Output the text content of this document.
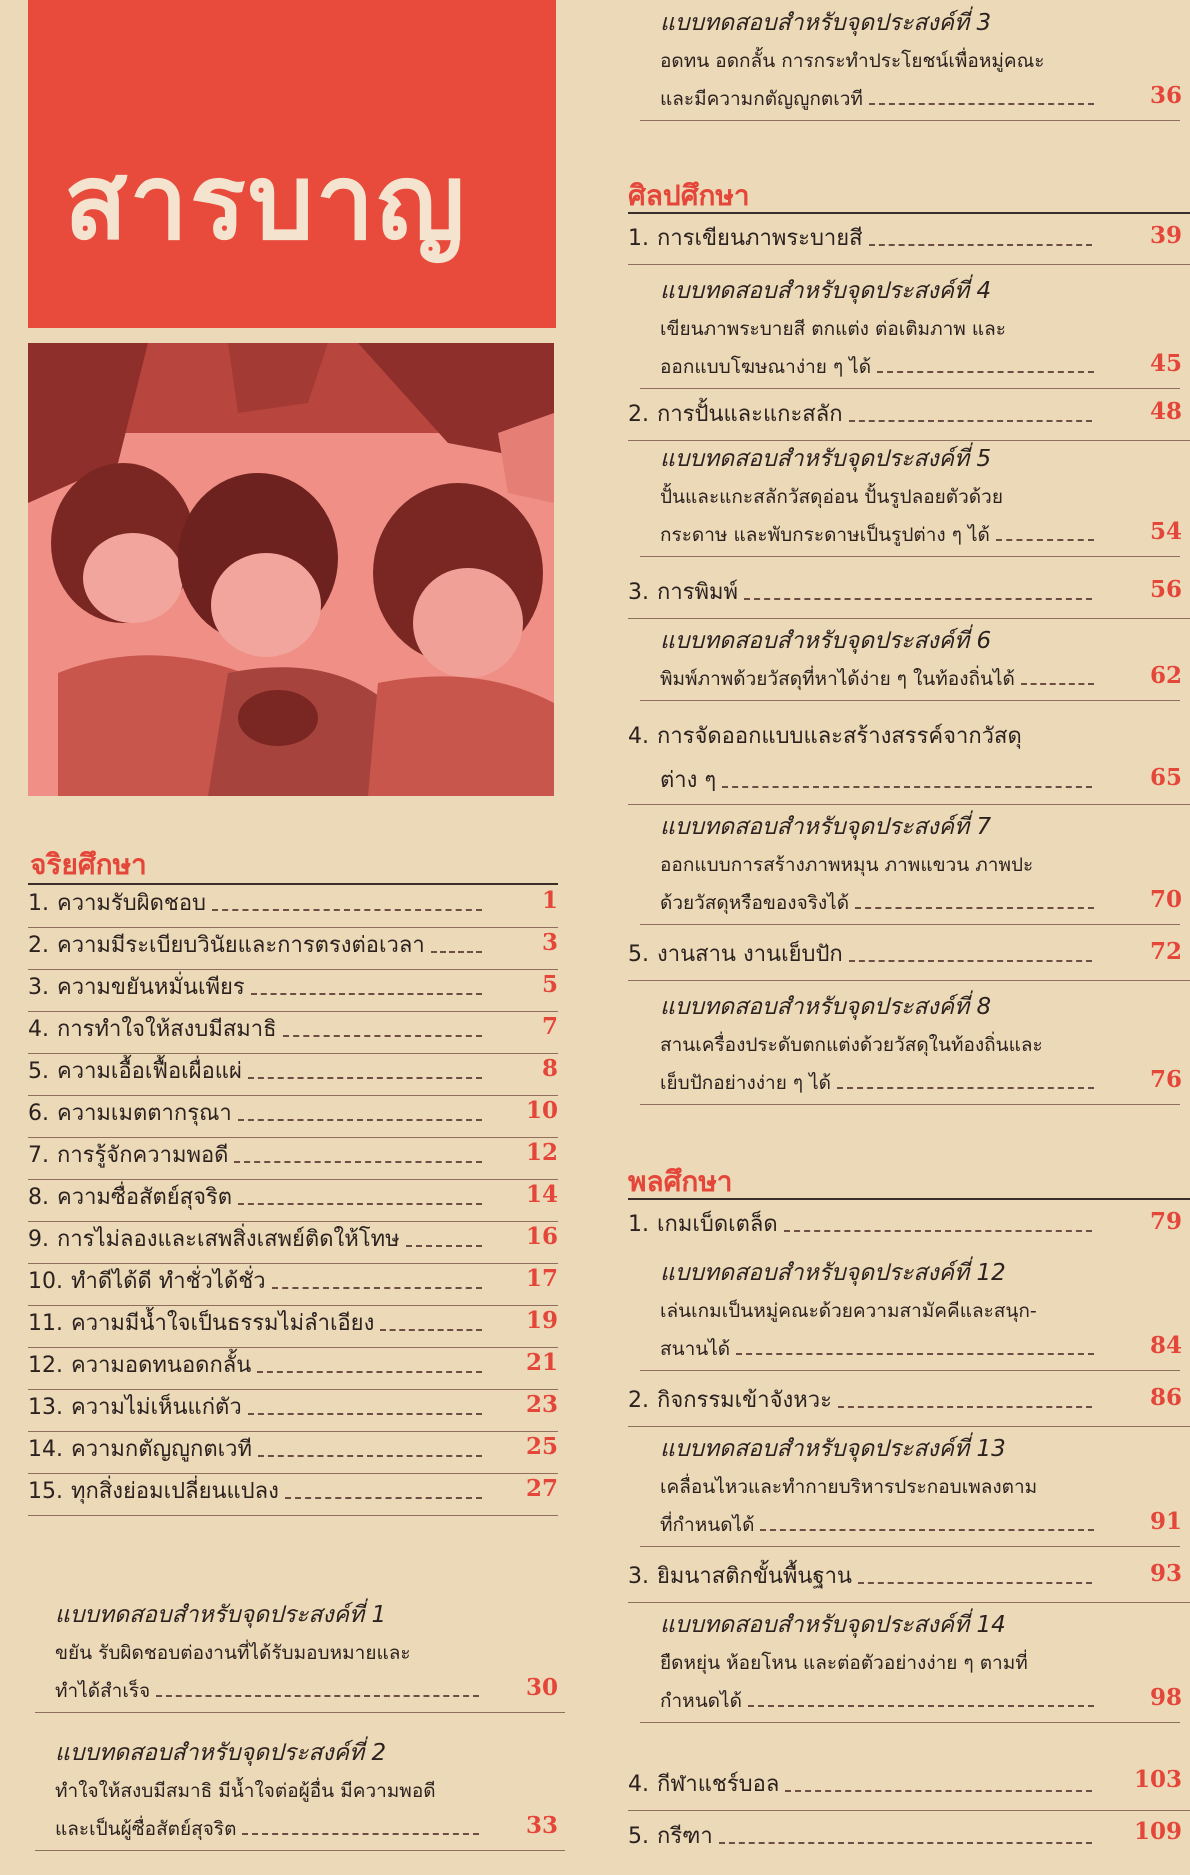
สารบาญ
จริยศึกษา
1. ความรับผิดชอบ	1
2. ความมีระเบียบวินัยและการตรงต่อเวลา	3
3. ความขยันหมั่นเพียร	5
4. การทำใจให้สงบมีสมาธิ	7
5. ความเอื้อเฟื้อเผื่อแผ่	8
6. ความเมตตากรุณา	10
7. การรู้จักความพอดี	12
8. ความซื่อสัตย์สุจริต	14
9. การไม่ลองและเสพสิ่งเสพย์ติดให้โทษ	16
10. ทำดีได้ดี ทำชั่วได้ชั่ว	17
11. ความมีน้ำใจเป็นธรรมไม่ลำเอียง	19
12. ความอดทนอดกลั้น	21
13. ความไม่เห็นแก่ตัว	23
14. ความกตัญญูกตเวที	25
15. ทุกสิ่งย่อมเปลี่ยนแปลง	27
แบบทดสอบสำหรับจุดประสงค์ที่ 1
ขยัน รับผิดชอบต่องานที่ได้รับมอบหมายและ
ทำได้สำเร็จ	30
แบบทดสอบสำหรับจุดประสงค์ที่ 2
ทำใจให้สงบมีสมาธิ มีน้ำใจต่อผู้อื่น มีความพอดี
และเป็นผู้ซื่อสัตย์สุจริต	33
แบบทดสอบสำหรับจุดประสงค์ที่ 3
อดทน อดกลั้น การกระทำประโยชน์เพื่อหมู่คณะ
และมีความกตัญญูกตเวที	36
ศิลปศึกษา
1. การเขียนภาพระบายสี	39
แบบทดสอบสำหรับจุดประสงค์ที่ 4
เขียนภาพระบายสี ตกแต่ง ต่อเติมภาพ และ
ออกแบบโฆษณาง่าย ๆ ได้	45
2. การปั้นและแกะสลัก	48
แบบทดสอบสำหรับจุดประสงค์ที่ 5
ปั้นและแกะสลักวัสดุอ่อน ปั้นรูปลอยตัวด้วย
กระดาษ และพับกระดาษเป็นรูปต่าง ๆ ได้	54
3. การพิมพ์	56
แบบทดสอบสำหรับจุดประสงค์ที่ 6
พิมพ์ภาพด้วยวัสดุที่หาได้ง่าย ๆ ในท้องถิ่นได้	62
4. การจัดออกแบบและสร้างสรรค์จากวัสดุ
ต่าง ๆ	65
แบบทดสอบสำหรับจุดประสงค์ที่ 7
ออกแบบการสร้างภาพหมุน ภาพแขวน ภาพปะ
ด้วยวัสดุหรือของจริงได้	70
5. งานสาน งานเย็บปัก	72
แบบทดสอบสำหรับจุดประสงค์ที่ 8
สานเครื่องประดับตกแต่งด้วยวัสดุในท้องถิ่นและ
เย็บปักอย่างง่าย ๆ ได้	76
พลศึกษา
1. เกมเบ็ดเตล็ด	79
แบบทดสอบสำหรับจุดประสงค์ที่ 12
เล่นเกมเป็นหมู่คณะด้วยความสามัคคีและสนุก-
สนานได้	84
2. กิจกรรมเข้าจังหวะ	86
แบบทดสอบสำหรับจุดประสงค์ที่ 13
เคลื่อนไหวและทำกายบริหารประกอบเพลงตาม
ที่กำหนดได้	91
3. ยิมนาสติกขั้นพื้นฐาน	93
แบบทดสอบสำหรับจุดประสงค์ที่ 14
ยืดหยุ่น ห้อยโหน และต่อตัวอย่างง่าย ๆ ตามที่
กำหนดได้	98
4. กีฬาแชร์บอล	103
5. กรีฑา	109
